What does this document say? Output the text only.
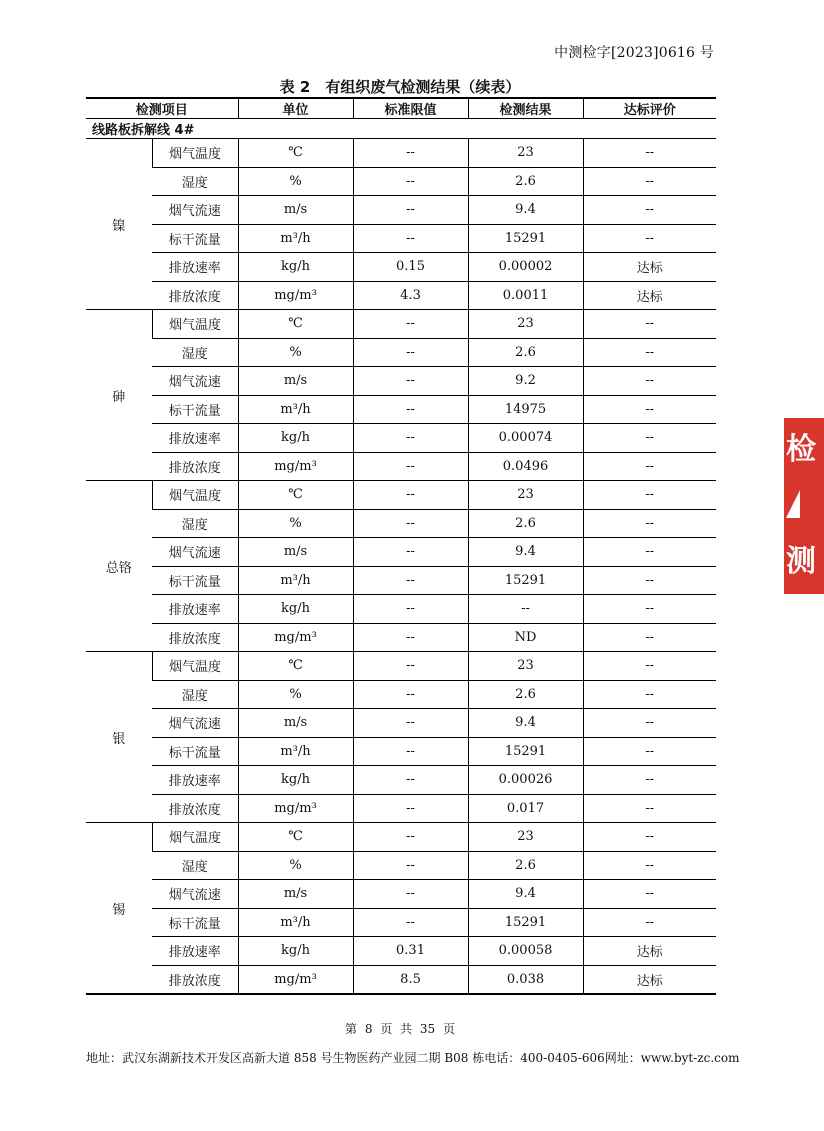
中测检字[2023]0616 号
表 2　有组织废气检测结果（续表）
检测项目		单位	标准限值	检测结果	达标评价
线路板拆解线 4#					
镍	烟气温度	℃	--	23	--
	湿度	%	--	2.6	--
	烟气流速	m/s	--	9.4	--
	标干流量	m³/h	--	15291	--
	排放速率	kg/h	0.15	0.00002	达标
	排放浓度	mg/m³	4.3	0.0011	达标
砷	烟气温度	℃	--	23	--
	湿度	%	--	2.6	--
	烟气流速	m/s	--	9.2	--
	标干流量	m³/h	--	14975	--
	排放速率	kg/h	--	0.00074	--
	排放浓度	mg/m³	--	0.0496	--
总铬	烟气温度	℃	--	23	--
	湿度	%	--	2.6	--
	烟气流速	m/s	--	9.4	--
	标干流量	m³/h	--	15291	--
	排放速率	kg/h	--	--	--
	排放浓度	mg/m³	--	ND	--
银	烟气温度	℃	--	23	--
	湿度	%	--	2.6	--
	烟气流速	m/s	--	9.4	--
	标干流量	m³/h	--	15291	--
	排放速率	kg/h	--	0.00026	--
	排放浓度	mg/m³	--	0.017	--
锡	烟气温度	℃	--	23	--
	湿度	%	--	2.6	--
	烟气流速	m/s	--	9.4	--
	标干流量	m³/h	--	15291	--
	排放速率	kg/h	0.31	0.00058	达标
	排放浓度	mg/m³	8.5	0.038	达标
检
测
第 8 页 共 35 页
地址：武汉东湖新技术开发区高新大道 858 号生物医药产业园二期 B08 栋 电话：400-0405-606 网址：www.byt-zc.com
